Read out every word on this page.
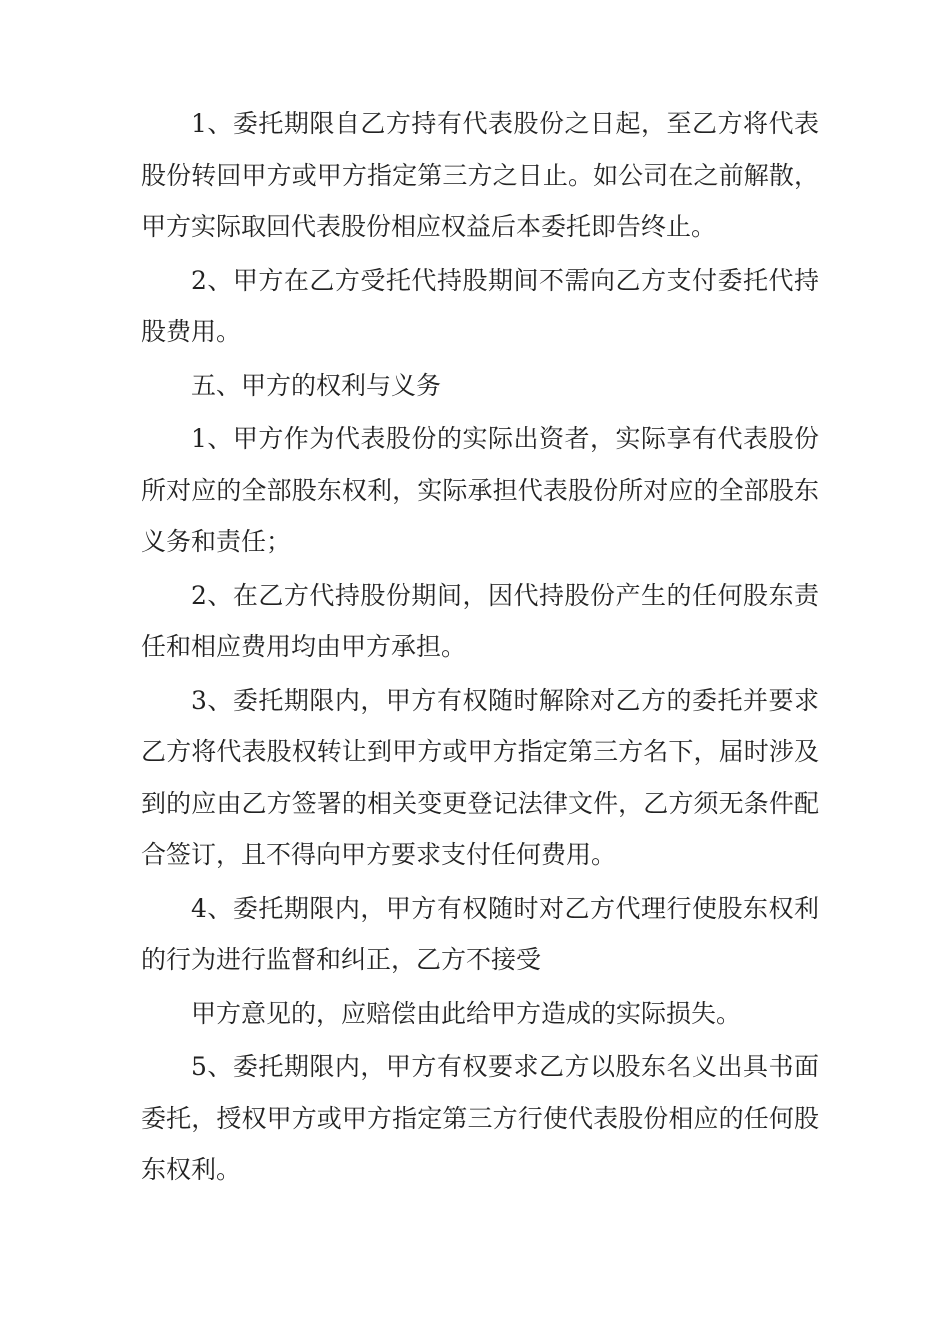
1、委托期限自乙方持有代表股份之日起，至乙方将代表股份转回甲方或甲方指定第三方之日止。如公司在之前解散，甲方实际取回代表股份相应权益后本委托即告终止。

2、甲方在乙方受托代持股期间不需向乙方支付委托代持股费用。

五、甲方的权利与义务

1、甲方作为代表股份的实际出资者，实际享有代表股份所对应的全部股东权利，实际承担代表股份所对应的全部股东义务和责任；

2、在乙方代持股份期间，因代持股份产生的任何股东责任和相应费用均由甲方承担。

3、委托期限内，甲方有权随时解除对乙方的委托并要求乙方将代表股权转让到甲方或甲方指定第三方名下，届时涉及到的应由乙方签署的相关变更登记法律文件，乙方须无条件配合签订，且不得向甲方要求支付任何费用。

4、委托期限内，甲方有权随时对乙方代理行使股东权利的行为进行监督和纠正，乙方不接受

甲方意见的，应赔偿由此给甲方造成的实际损失。

5、委托期限内，甲方有权要求乙方以股东名义出具书面委托，授权甲方或甲方指定第三方行使代表股份相应的任何股东权利。
